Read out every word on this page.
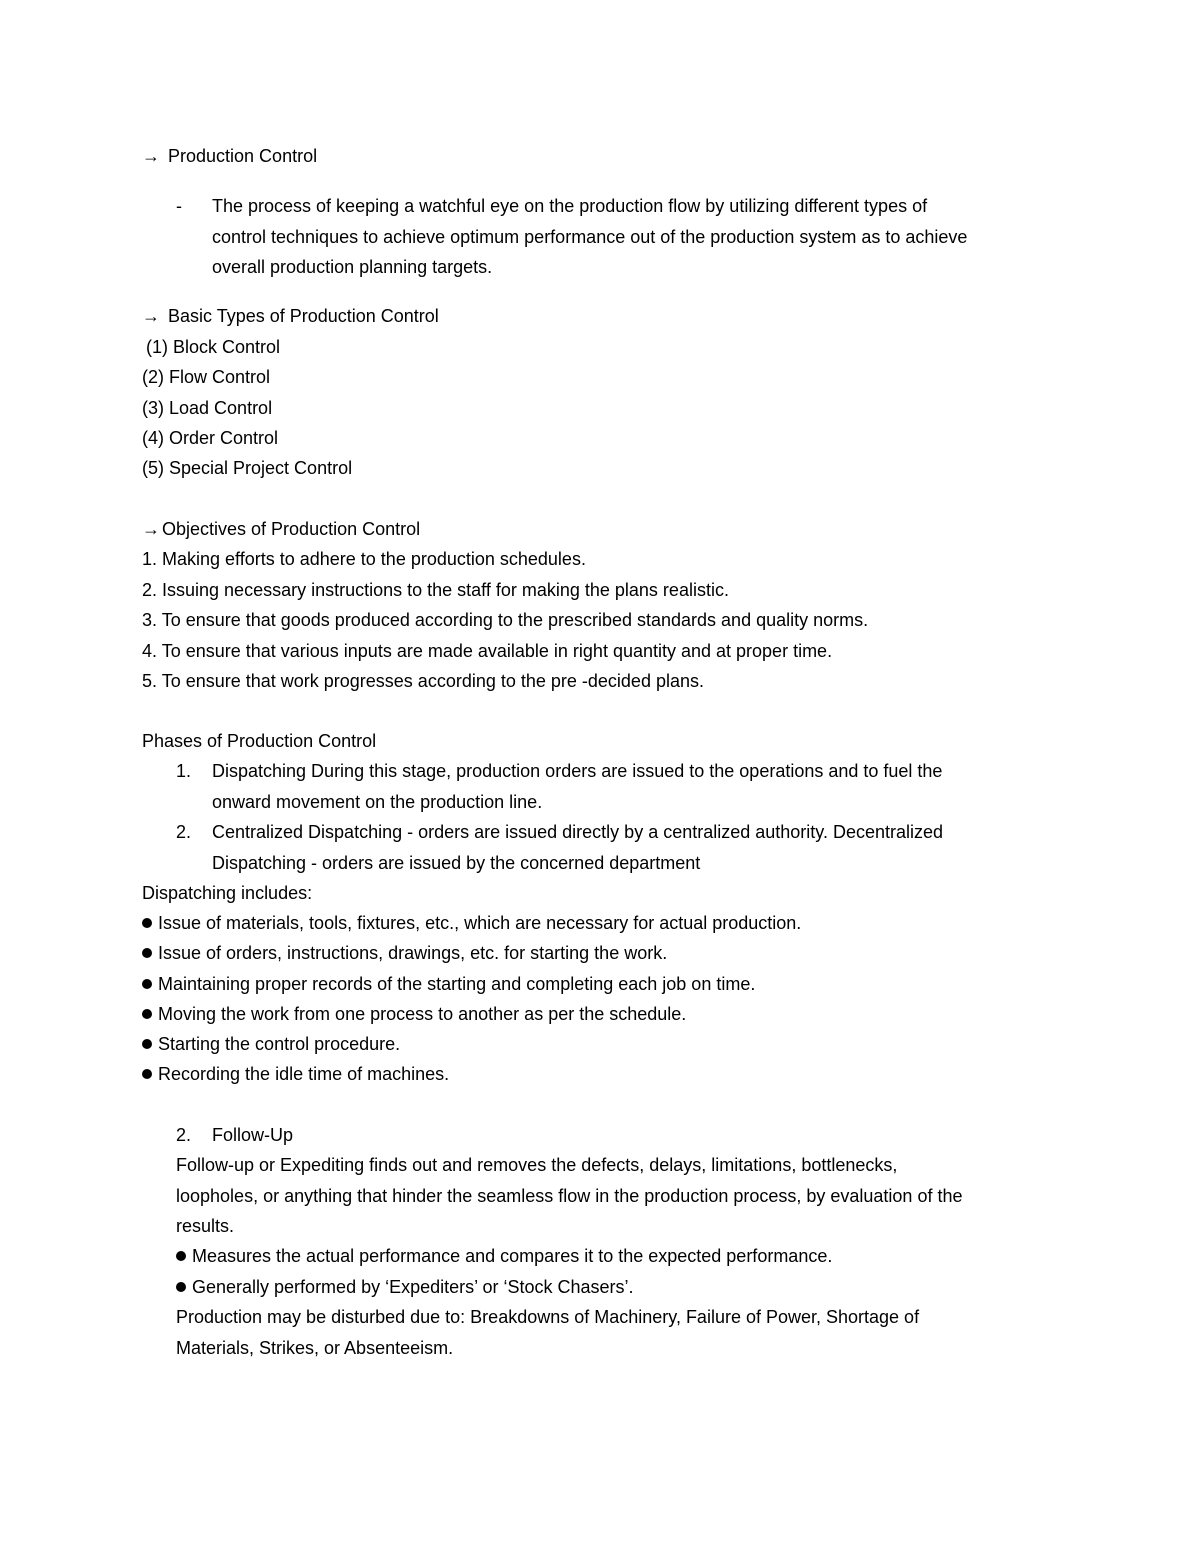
→ Production Control
- The process of keeping a watchful eye on the production flow by utilizing different types of
control techniques to achieve optimum performance out of the production system as to achieve
overall production planning targets.
→ Basic Types of Production Control
(1) Block Control
(2) Flow Control
(3) Load Control
(4) Order Control
(5) Special Project Control
→ Objectives of Production Control
1. Making efforts to adhere to the production schedules.
2. Issuing necessary instructions to the staff for making the plans realistic.
3. To ensure that goods produced according to the prescribed standards and quality norms.
4. To ensure that various inputs are made available in right quantity and at proper time.
5. To ensure that work progresses according to the pre -decided plans.
Phases of Production Control
1. Dispatching During this stage, production orders are issued to the operations and to fuel the
onward movement on the production line.
2. Centralized Dispatching - orders are issued directly by a centralized authority. Decentralized
Dispatching - orders are issued by the concerned department
Dispatching includes:
Issue of materials, tools, fixtures, etc., which are necessary for actual production.
Issue of orders, instructions, drawings, etc. for starting the work.
Maintaining proper records of the starting and completing each job on time.
Moving the work from one process to another as per the schedule.
Starting the control procedure.
Recording the idle time of machines.
2. Follow-Up
Follow-up or Expediting finds out and removes the defects, delays, limitations, bottlenecks,
loopholes, or anything that hinder the seamless flow in the production process, by evaluation of the
results.
Measures the actual performance and compares it to the expected performance.
Generally performed by ‘Expediters’ or ‘Stock Chasers’.
Production may be disturbed due to: Breakdowns of Machinery, Failure of Power, Shortage of
Materials, Strikes, or Absenteeism.
